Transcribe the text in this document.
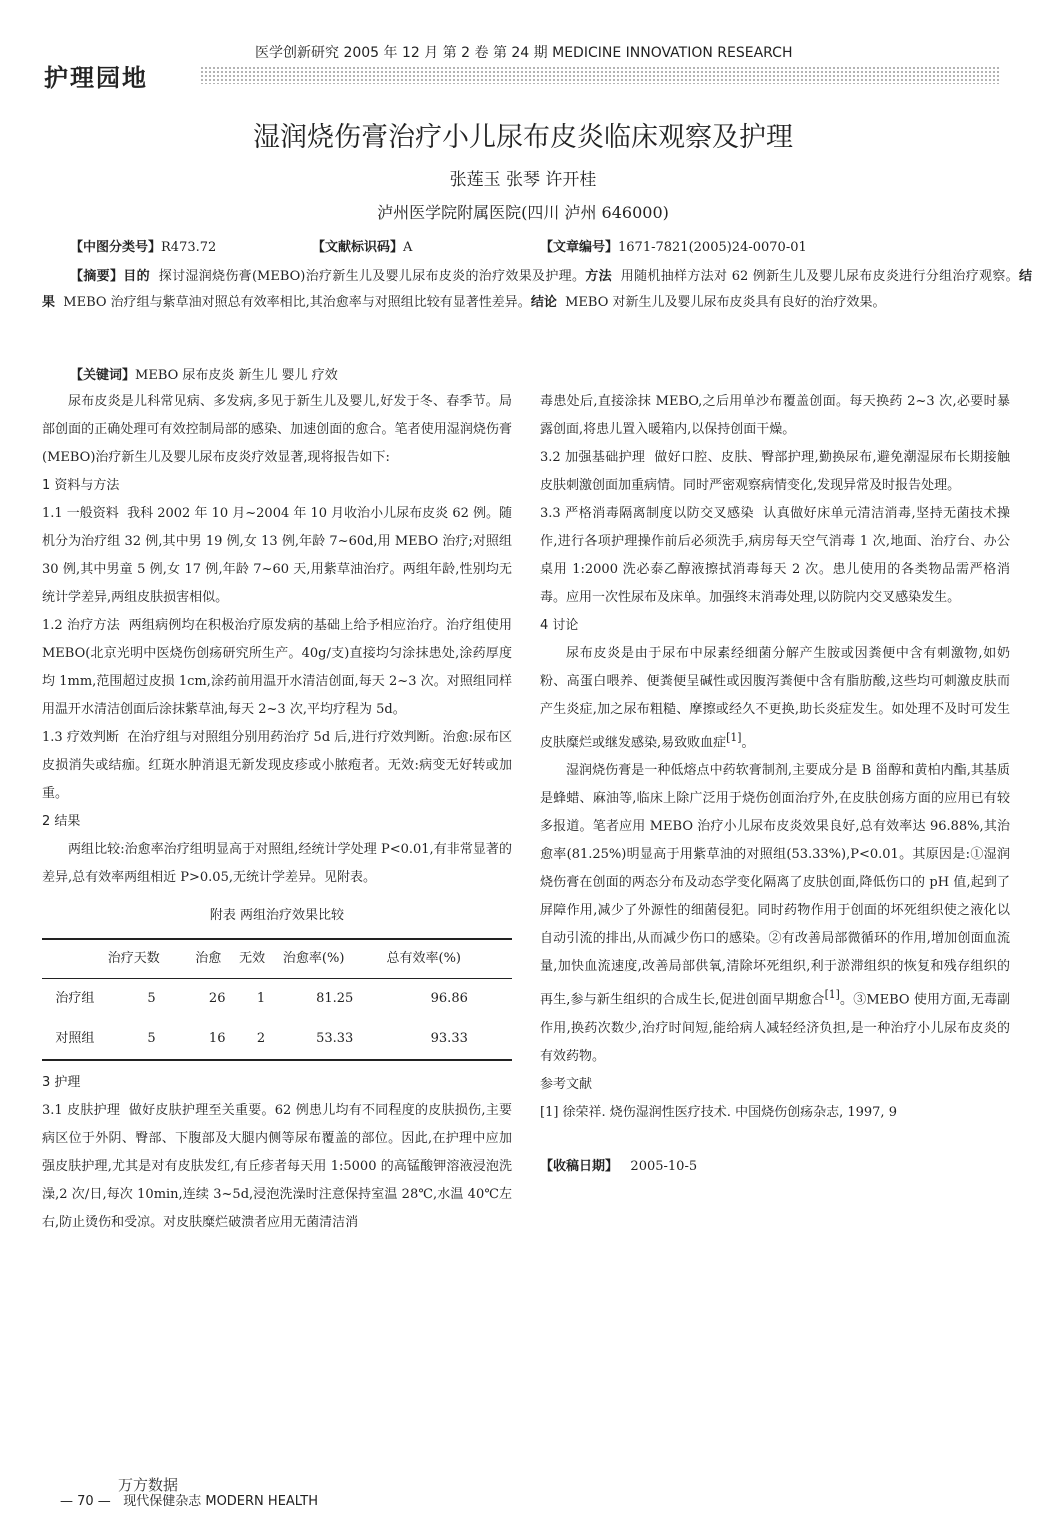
医学创新研究 2005 年 12 月 第 2 卷 第 24 期 MEDICINE INNOVATION RESEARCH
护理园地
湿润烧伤膏治疗小儿尿布皮炎临床观察及护理
张莲玉 张琴 许开桂
泸州医学院附属医院(四川 泸州 646000)
【中图分类号】R473.72	【文献标识码】A	【文章编号】1671-7821(2005)24-0070-01
【摘要】目的 探讨湿润烧伤膏(MEBO)治疗新生儿及婴儿尿布皮炎的治疗效果及护理。方法 用随机抽样方法对 62 例新生儿及婴儿尿布皮炎进行分组治疗观察。结果 MEBO 治疗组与紫草油对照总有效率相比,其治愈率与对照组比较有显著性差异。结论 MEBO 对新生儿及婴儿尿布皮炎具有良好的治疗效果。
【关键词】MEBO 尿布皮炎 新生儿 婴儿 疗效

尿布皮炎是儿科常见病、多发病,多见于新生儿及婴儿,好发于冬、春季节。局部创面的正确处理可有效控制局部的感染、加速创面的愈合。笔者使用湿润烧伤膏(MEBO)治疗新生儿及婴儿尿布皮炎疗效显著,现将报告如下:

1 资料与方法

1.1 一般资料 我科 2002 年 10 月~2004 年 10 月收治小儿尿布皮炎 62 例。随机分为治疗组 32 例,其中男 19 例,女 13 例,年龄 7~60d,用 MEBO 治疗;对照组 30 例,其中男童 5 例,女 17 例,年龄 7~60 天,用紫草油治疗。两组年龄,性别均无统计学差异,两组皮肤损害相似。

1.2 治疗方法 两组病例均在积极治疗原发病的基础上给予相应治疗。治疗组使用 MEBO(北京光明中医烧伤创疡研究所生产。40g/支)直接均匀涂抹患处,涂药厚度均 1mm,范围超过皮损 1cm,涂药前用温开水清洁创面,每天 2~3 次。对照组同样用温开水清洁创面后涂抹紫草油,每天 2~3 次,平均疗程为 5d。

1.3 疗效判断 在治疗组与对照组分别用药治疗 5d 后,进行疗效判断。治愈:尿布区皮损消失或结痂。红斑水肿消退无新发现皮疹或小脓疱者。无效:病变无好转或加重。

2 结果

两组比较:治愈率治疗组明显高于对照组,经统计学处理 P<0.01,有非常显著的差异,总有效率两组相近 P>0.05,无统计学差异。见附表。

附表 两组治疗效果比较
	治疗天数	治愈	无效	治愈率(%)	总有效率(%)
治疗组	5	26	1	81.25	96.86
对照组	5	16	2	53.33	93.33

3 护理

3.1 皮肤护理 做好皮肤护理至关重要。62 例患儿均有不同程度的皮肤损伤,主要病区位于外阴、臀部、下腹部及大腿内侧等尿布覆盖的部位。因此,在护理中应加强皮肤护理,尤其是对有皮肤发红,有丘疹者每天用 1:5000 的高锰酸钾溶液浸泡洗澡,2 次/日,每次 10min,连续 3~5d,浸泡洗澡时注意保持室温 28℃,水温 40℃左右,防止烫伤和受凉。对皮肤糜烂破溃者应用无菌清洁消

毒患处后,直接涂抹 MEBO,之后用单沙布覆盖创面。每天换药 2~3 次,必要时暴露创面,将患儿置入暖箱内,以保持创面干燥。

3.2 加强基础护理 做好口腔、皮肤、臀部护理,勤换尿布,避免潮湿尿布长期接触皮肤刺激创面加重病情。同时严密观察病情变化,发现异常及时报告处理。

3.3 严格消毒隔离制度以防交叉感染 认真做好床单元清洁消毒,坚持无菌技术操作,进行各项护理操作前后必须洗手,病房每天空气消毒 1 次,地面、治疗台、办公桌用 1:2000 洗必泰乙醇液擦拭消毒每天 2 次。患儿使用的各类物品需严格消毒。应用一次性尿布及床单。加强终末消毒处理,以防院内交叉感染发生。

4 讨论

尿布皮炎是由于尿布中尿素经细菌分解产生胺或因粪便中含有刺激物,如奶粉、高蛋白喂养、便粪便呈碱性或因腹泻粪便中含有脂肪酸,这些均可刺激皮肤而产生炎症,加之尿布粗糙、摩擦或经久不更换,助长炎症发生。如处理不及时可发生皮肤糜烂或继发感染,易致败血症[1]。

湿润烧伤膏是一种低熔点中药软膏制剂,主要成分是 B 甾醇和黄柏内酯,其基质是蜂蜡、麻油等,临床上除广泛用于烧伤创面治疗外,在皮肤创疡方面的应用已有较多报道。笔者应用 MEBO 治疗小儿尿布皮炎效果良好,总有效率达 96.88%,其治愈率(81.25%)明显高于用紫草油的对照组(53.33%),P<0.01。其原因是:①湿润烧伤膏在创面的两态分布及动态学变化隔离了皮肤创面,降低伤口的 pH 值,起到了屏障作用,减少了外源性的细菌侵犯。同时药物作用于创面的坏死组织使之液化以自动引流的排出,从而减少伤口的感染。②有改善局部微循环的作用,增加创面血流量,加快血流速度,改善局部供氧,清除坏死组织,利于淤滞组织的恢复和残存组织的再生,参与新生组织的合成生长,促进创面早期愈合[1]。③MEBO 使用方面,无毒副作用,换药次数少,治疗时间短,能给病人减轻经济负担,是一种治疗小儿尿布皮炎的有效药物。

参考文献

[1] 徐荣祥. 烧伤湿润性医疗技术. 中国烧伤创疡杂志, 1997, 9

【收稿日期】 2005-10-5

万方数据
— 70 — 现代保健杂志 MODERN HEALTH
